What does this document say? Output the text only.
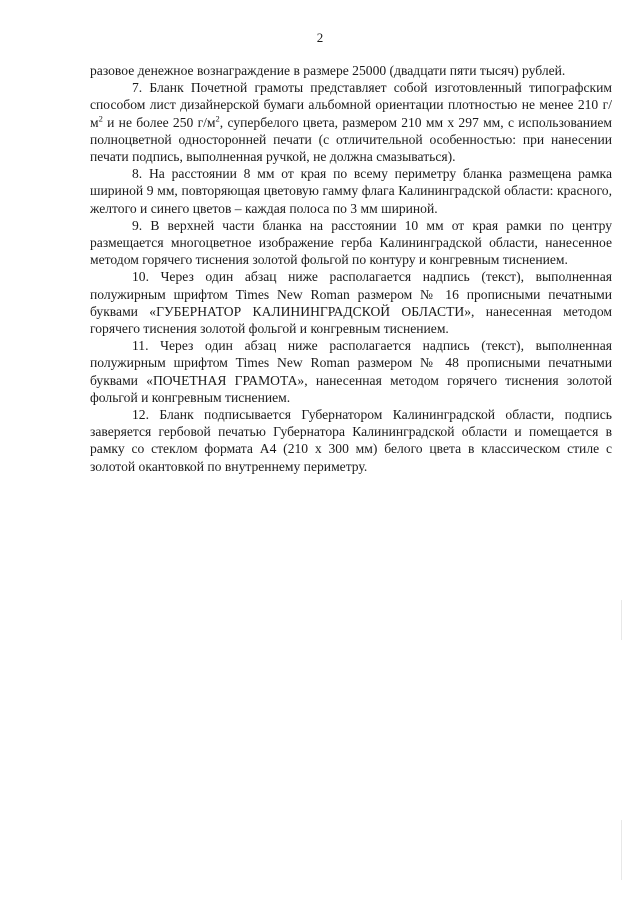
2

разовое денежное вознаграждение в размере 25000 (двадцати пяти тысяч) рублей.

7. Бланк Почетной грамоты представляет собой изготовленный типографским способом лист дизайнерской бумаги альбомной ориентации плотностью не менее 210 $г/м^2$ и не более 250 $г/м^2$, супербелого цвета, размером 210 мм х 297 мм, с использованием полноцветной односторонней печати (с отличительной особенностью: при нанесении печати подпись, выполненная ручкой, не должна смазываться).

8. На расстоянии 8 мм от края по всему периметру бланка размещена рамка шириной 9 мм, повторяющая цветовую гамму флага Калининградской области: красного, желтого и синего цветов – каждая полоса по 3 мм шириной.

9. В верхней части бланка на расстоянии 10 мм от края рамки по центру размещается многоцветное изображение герба Калининградской области, нанесенное методом горячего тиснения золотой фольгой по контуру и конгревным тиснением.

10. Через один абзац ниже располагается надпись (текст), выполненная полужирным шрифтом Times New Roman размером № 16 прописными печатными буквами «ГУБЕРНАТОР КАЛИНИНГРАДСКОЙ ОБЛАСТИ», нанесенная методом горячего тиснения золотой фольгой и конгревным тиснением.

11. Через один абзац ниже располагается надпись (текст), выполненная полужирным шрифтом Times New Roman размером № 48 прописными печатными буквами «ПОЧЕТНАЯ ГРАМОТА», нанесенная методом горячего тиснения золотой фольгой и конгревным тиснением.

12. Бланк подписывается Губернатором Калининградской области, подпись заверяется гербовой печатью Губернатора Калининградской области и помещается в рамку со стеклом формата А4 (210 х 300 мм) белого цвета в классическом стиле с золотой окантовкой по внутреннему периметру.
